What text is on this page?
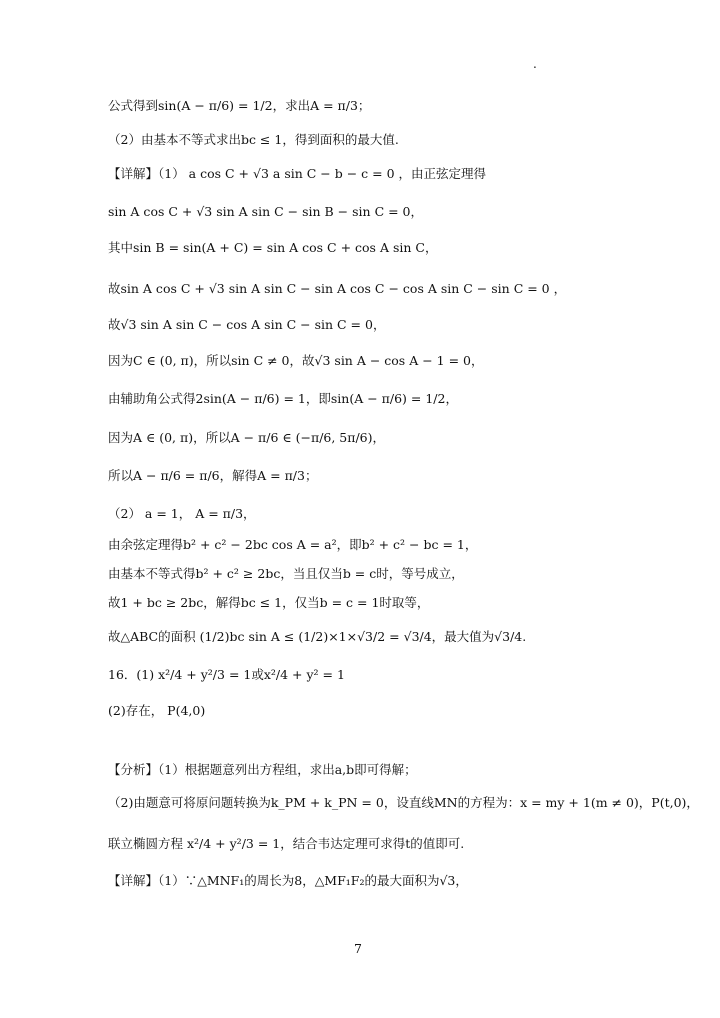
.
公式得到sin(A − π/6) = 1/2，求出A = π/3；
（2）由基本不等式求出bc ≤ 1，得到面积的最大值.
【详解】（1） a cos C + √3 a sin C − b − c = 0 ，由正弦定理得
sin A cos C + √3 sin A sin C − sin B − sin C = 0，
其中sin B = sin(A + C) = sin A cos C + cos A sin C，
故sin A cos C + √3 sin A sin C − sin A cos C − cos A sin C − sin C = 0 ，
故√3 sin A sin C − cos A sin C − sin C = 0，
因为C ∈ (0, π)，所以sin C ≠ 0，故√3 sin A − cos A − 1 = 0，
由辅助角公式得2sin(A − π/6) = 1，即sin(A − π/6) = 1/2，
因为A ∈ (0, π)，所以A − π/6 ∈ (−π/6, 5π/6)，
所以A − π/6 = π/6，解得A = π/3；
（2） a = 1， A = π/3，
由余弦定理得b² + c² − 2bc cos A = a²，即b² + c² − bc = 1，
由基本不等式得b² + c² ≥ 2bc，当且仅当b = c时，等号成立，
故1 + bc ≥ 2bc，解得bc ≤ 1，仅当b = c = 1时取等，
故△ABC的面积 (1/2)bc sin A ≤ (1/2)×1×√3/2 = √3/4，最大值为√3/4.
16．(1) x²/4 + y²/3 = 1或x²/4 + y² = 1
(2)存在， P(4,0)
【分析】（1）根据题意列出方程组，求出a,b即可得解；
（2)由题意可将原问题转换为k_PM + k_PN = 0，设直线MN的方程为：x = my + 1(m ≠ 0)，P(t,0)，
联立椭圆方程 x²/4 + y²/3 = 1，结合韦达定理可求得t的值即可.
【详解】（1）∵△MNF₁的周长为8，△MF₁F₂的最大面积为√3，
7
